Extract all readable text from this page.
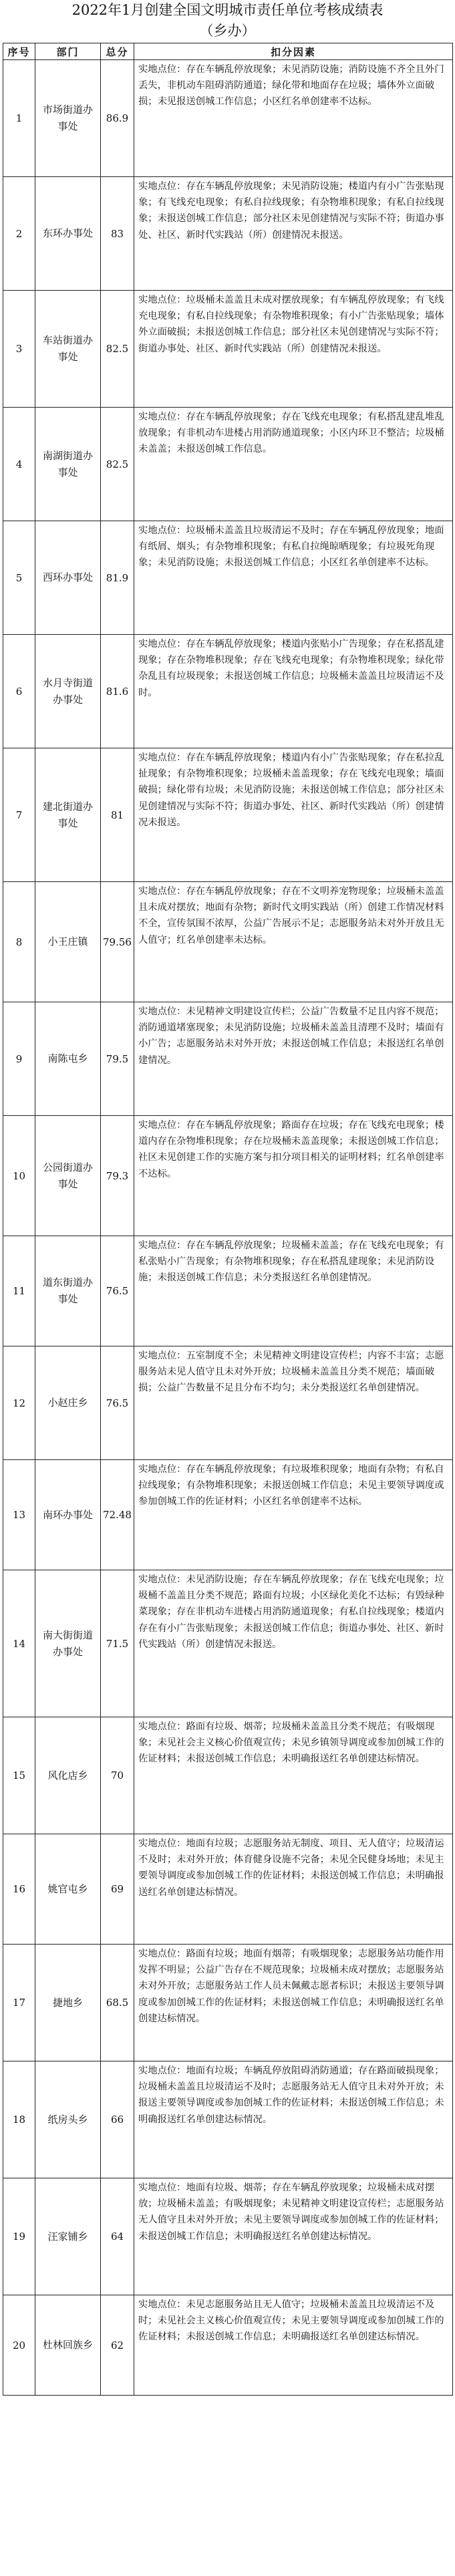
2022年1月创建全国文明城市责任单位考核成绩表
（乡办）
序号	部门	总分	扣分因素
1	市场街道办事处	86.9	实地点位：存在车辆乱停放现象；未见消防设施；消防设施不齐全且外门丢失，非机动车阻碍消防通道；绿化带和地面存在垃圾；墙体外立面破损；未见报送创城工作信息；小区红名单创建率不达标。
2	东环办事处	83	实地点位：存在车辆乱停放现象；未见消防设施；楼道内有小广告张贴现象；有飞线充电现象；有私自拉线现象；有杂物堆积现象；有私自拉线现象；未报送创城工作信息；部分社区未见创建情况与实际不符；街道办事处、社区、新时代实践站（所）创建情况未报送。
3	车站街道办事处	82.5	实地点位：垃圾桶未盖盖且未成对摆放现象；有车辆乱停放现象；有飞线充电现象；有私自拉线现象；有杂物堆积现象；有小广告张贴现象；墙体外立面破损；未报送创城工作信息；部分社区未见创建情况与实际不符；街道办事处、社区、新时代实践站（所）创建情况未报送。
4	南湖街道办事处	82.5	实地点位：存在车辆乱停放现象；存在飞线充电现象；有私搭乱建乱堆乱放现象；有非机动车进楼占用消防通道现象；小区内环卫不整洁；垃圾桶未盖盖；未报送创城工作信息。
5	西环办事处	81.9	实地点位：垃圾桶未盖盖且垃圾清运不及时；存在车辆乱停放现象；地面有纸屑、烟头；有杂物堆积现象；有私自拉绳晾晒现象；有垃圾死角现象；未见消防设施；未报送创城工作信息；小区红名单创建率不达标。
6	水月寺街道办事处	81.6	实地点位：存在车辆乱停放现象；楼道内张贴小广告现象；存在私搭乱建现象；存在杂物堆积现象；存在飞线充电现象；有杂物堆积现象；绿化带杂乱且有垃圾现象；未报送创城工作信息；垃圾桶未盖盖且垃圾清运不及时。
7	建北街道办事处	81	实地点位：存在车辆乱停放现象；楼道内有小广告张贴现象；存在私拉乱扯现象；有杂物堆积现象；垃圾桶未盖盖现象；存在飞线充电现象；墙面破损；绿化带有垃圾；未见消防设施；未报送创城工作信息；部分社区未见创建情况与实际不符；街道办事处、社区、新时代实践站（所）创建情况未报送。
8	小王庄镇	79.56	实地点位：存在车辆乱停放现象；存在不文明养宠物现象；垃圾桶未盖盖且未成对摆放；地面有杂物；新时代文明实践站（所）创建工作情况材料不全，宣传氛围不浓厚，公益广告展示不足；志愿服务站未对外开放且无人值守；红名单创建率未达标。
9	南陈屯乡	79.5	实地点位：未见精神文明建设宣传栏；公益广告数量不足且内容不规范；消防通道堵塞现象；未见消防设施；垃圾桶未盖盖且清理不及时；墙面有小广告；志愿服务站未对外开放；未报送创城工作信息；未报送红名单创建情况。
10	公园街道办事处	79.3	实地点位：存在车辆乱停放现象；路面存在垃圾；存在飞线充电现象；楼道内存在杂物堆积现象；存在垃圾桶未盖盖现象；未报送创城工作信息；社区未见创建工作的实施方案与扣分项目相关的证明材料；红名单创建率不达标。
11	道东街道办事处	76.5	实地点位：存在车辆乱停放现象；垃圾桶未盖盖；存在飞线充电现象；有私张贴小广告现象；有杂物堆积现象；存在私搭乱建现象；未见消防设施；未报送创城工作信息；未分类报送红名单创建情况。
12	小赵庄乡	76.5	实地点位：五室制度不全；未见精神文明建设宣传栏；内容不丰富；志愿服务站未见人值守且未对外开放；垃圾桶未盖盖且分类不规范；墙面破损；公益广告数量不足且分布不均匀；未分类报送红名单创建情况。
13	南环办事处	72.48	实地点位：存在车辆乱停放现象；有垃圾堆积现象；地面有杂物；有私自拉线现象；有杂物堆积现象；未报送创城工作信息；未见主要领导调度或参加创城工作的佐证材料；小区红名单创建率不达标。
14	南大街街道办事处	71.5	实地点位：未见消防设施；存在车辆乱停放现象；存在飞线充电现象；垃圾桶不盖盖且分类不规范；路面有垃圾；小区绿化美化不达标；有毁绿种菜现象；存在非机动车进楼占用消防通道现象；有私自拉线现象；楼道内存在有小广告张贴现象；未报送创城工作信息；街道办事处、社区、新时代实践站（所）创建情况未报送。
15	风化店乡	70	实地点位：路面有垃圾、烟蒂；垃圾桶未盖盖且分类不规范；有吸烟现象；未见社会主义核心价值观宣传；未见乡镇领导调度或参加创城工作的佐证材料；未报送创城工作信息；未明确报送红名单创建达标情况。
16	姚官屯乡	69	实地点位：地面有垃圾；志愿服务站无制度、项目、无人值守；垃圾清运不及时；未对外开放；体育健身设施不完备；未见全民健身场地；未见主要领导调度或参加创城工作的佐证材料；未报送创城工作信息；未明确报送红名单创建达标情况。
17	捷地乡	68.5	实地点位：路面有垃圾；地面有烟蒂；有吸烟现象；志愿服务站功能作用发挥不明显；公益广告存在不规范现象；垃圾桶未成对摆放；志愿服务站未对外开放；志愿服务站工作人员未佩戴志愿者标识；未报送主要领导调度或参加创城工作的佐证材料；未报送创城工作信息；未明确报送红名单创建达标情况。
18	纸房头乡	66	实地点位：地面有垃圾；车辆乱停放阻碍消防通道；存在路面破损现象；垃圾桶未盖盖且垃圾清运不及时；志愿服务站无人值守且未对外开放；未报送主要领导调度或参加创城工作的佐证材料；未报送创城工作信息；未明确报送红名单创建达标情况。
19	汪家铺乡	64	实地点位：地面有垃圾、烟蒂；存在车辆乱停放现象；垃圾桶未成对摆放；垃圾桶未盖盖；有吸烟现象；未见精神文明建设宣传栏；志愿服务站无人值守且未对外开放；未见主要领导调度或参加创城工作的佐证材料；未报送创城工作信息；未明确报送红名单创建达标情况。
20	杜林回族乡	62	实地点位：未见志愿服务站且无人值守；垃圾桶未盖盖且垃圾清运不及时；未见社会主义核心价值观宣传；未见主要领导调度或参加创城工作的佐证材料；未报送创城工作信息；未明确报送红名单创建达标情况。
